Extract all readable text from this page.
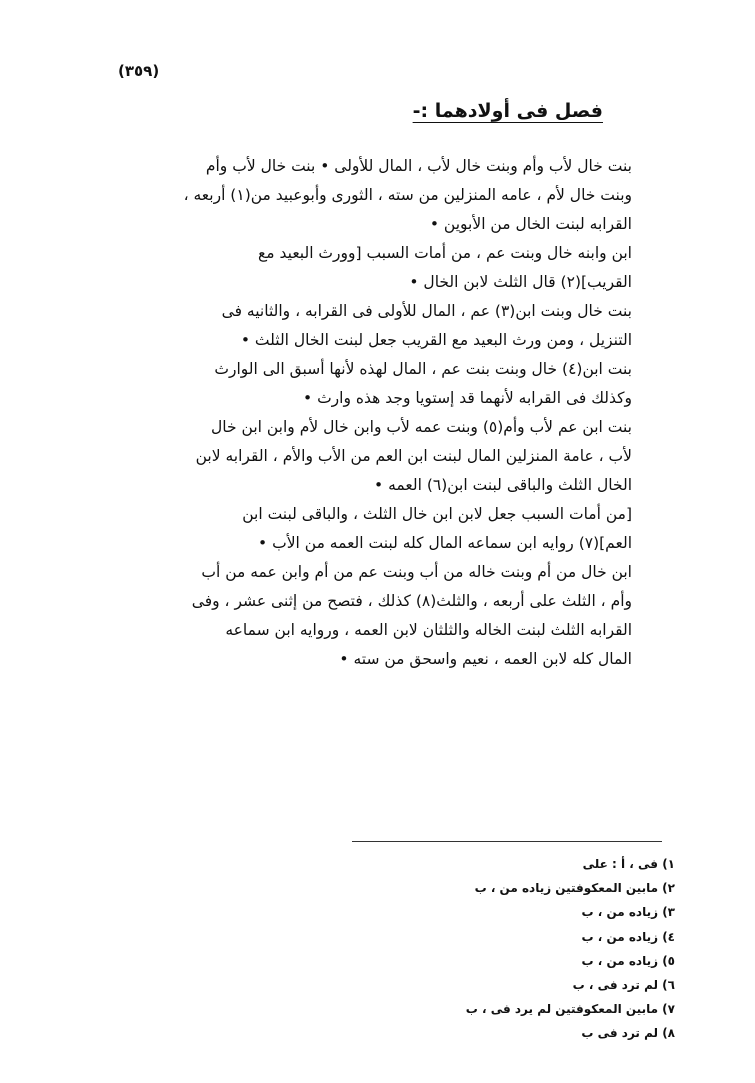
(٣٥٩)
فصل فى أولادهما :-

بنت خال لأب وأم وبنت خال لأب ، المال للأولى • بنت خال لأب وأم
وبنت خال لأم ، عامه المنزلين من سته ، الثورى وأبوعبيد من(١) أربعه ،
القرابه لبنت الخال من الأبوين •

ابن وابنه خال وبنت عم ، من أمات السبب [وورث البعيد مع
القريب](٢) قال الثلث لابن الخال •

بنت خال وبنت ابن(٣) عم ، المال للأولى فى القرابه ، والثانيه فى
التنزيل ، ومن ورث البعيد مع القريب جعل لبنت الخال الثلث •

بنت ابن(٤) خال وبنت بنت عم ، المال لهذه لأنها أسبق الى الوارث
وكذلك فى القرابه لأنهما قد إستويا وجد هذه وارث •

بنت ابن عم لأب وأم(٥) وبنت عمه لأب وابن خال لأم وابن ابن خال
لأب ، عامة المنزلين المال لبنت ابن العم من الأب والأم ، القرابه لابن
الخال الثلث والباقى لبنت ابن(٦) العمه •

[من أمات السبب جعل لابن ابن خال الثلث ، والباقى لبنت ابن
العم](٧) روايه ابن سماعه المال كله لبنت العمه من الأب •

ابن خال من أم وبنت خاله من أب وبنت عم من أم وابن عمه من أب
وأم ، الثلث على أربعه ، والثلث(٨) كذلك ، فتصح من إثنى عشر ، وفى
القرابه الثلث لبنت الخاله والثلثان لابن العمه ، وروايه ابن سماعه
المال كله لابن العمه ، نعيم واسحق من سته •

١) فى ، أ : على
٢) مابين المعكوفتين زياده من ، ب
٣) زياده من ، ب
٤) زياده من ، ب
٥) زياده من ، ب
٦) لم ترد فى ، ب
٧) مابين المعكوفتين لم يرد فى ، ب
٨) لم ترد فى ب
